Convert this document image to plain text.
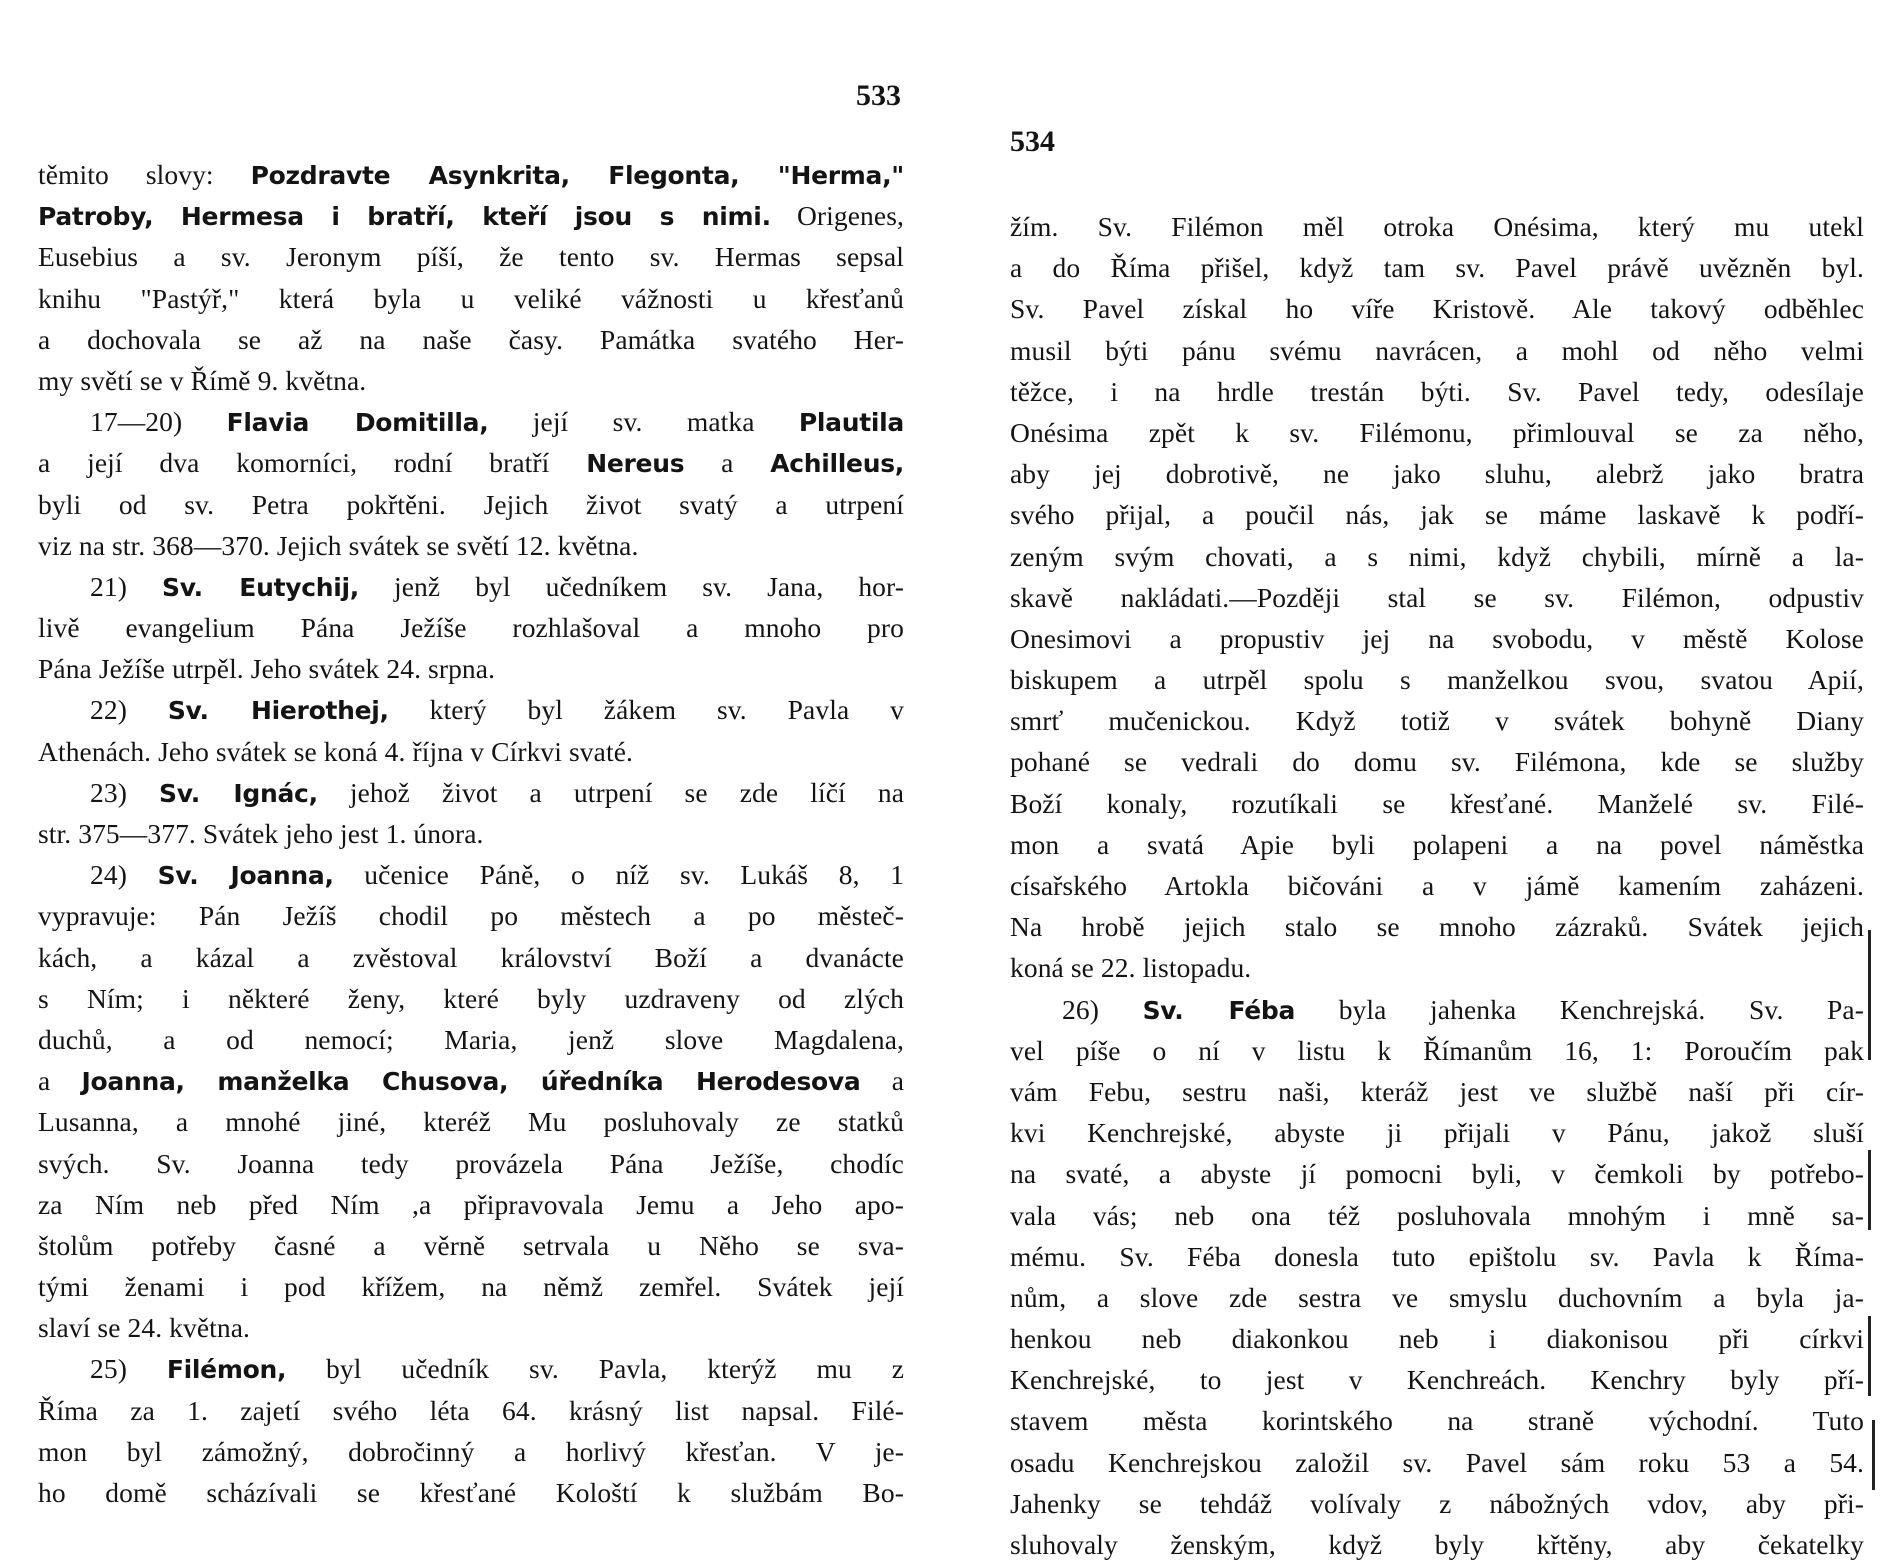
533
těmito slovy: Pozdravte Asynkrita, Flegonta, "Herma,"
Patroby, Hermesa i bratří, kteří jsou s nimi. Origenes,
Eusebius a sv. Jeronym píší, že tento sv. Hermas sepsal
knihu "Pastýř," která byla u veliké vážnosti u křesťanů
a dochovala se až na naše časy. Památka svatého Her-
my světí se v Římě 9. května.
17—20) Flavia Domitilla, její sv. matka Plautila
a její dva komorníci, rodní bratří Nereus a Achilleus,
byli od sv. Petra pokřtěni. Jejich život svatý a utrpení
viz na str. 368—370. Jejich svátek se světí 12. května.
21) Sv. Eutychij, jenž byl učedníkem sv. Jana, hor-
livě evangelium Pána Ježíše rozhlašoval a mnoho pro
Pána Ježíše utrpěl. Jeho svátek 24. srpna.
22) Sv. Hierothej, který byl žákem sv. Pavla v
Athenách. Jeho svátek se koná 4. října v Církvi svaté.
23) Sv. Ignác, jehož život a utrpení se zde líčí na
str. 375—377. Svátek jeho jest 1. února.
24) Sv. Joanna, učenice Páně, o níž sv. Lukáš 8, 1
vypravuje: Pán Ježíš chodil po městech a po městeč-
kách, a kázal a zvěstoval království Boží a dvanácte
s Ním; i některé ženy, které byly uzdraveny od zlých
duchů, a od nemocí; Maria, jenž slove Magdalena,
a Joanna, manželka Chusova, úředníka Herodesova a
Lusanna, a mnohé jiné, kteréž Mu posluhovaly ze statků
svých. Sv. Joanna tedy provázela Pána Ježíše, chodíc
za Ním neb před Ním ,a připravovala Jemu a Jeho apo-
štolům potřeby časné a věrně setrvala u Něho se sva-
tými ženami i pod křížem, na němž zemřel. Svátek její
slaví se 24. května.
25) Filémon, byl učedník sv. Pavla, kterýž mu z
Říma za 1. zajetí svého léta 64. krásný list napsal. Filé-
mon byl zámožný, dobročinný a horlivý křesťan. V je-
ho domě scházívali se křesťané Koloští k službám Bo-
534
žím. Sv. Filémon měl otroka Onésima, který mu utekl
a do Říma přišel, když tam sv. Pavel právě uvězněn byl.
Sv. Pavel získal ho víře Kristově. Ale takový odběhlec
musil býti pánu svému navrácen, a mohl od něho velmi
těžce, i na hrdle trestán býti. Sv. Pavel tedy, odesílaje
Onésima zpět k sv. Filémonu, přimlouval se za něho,
aby jej dobrotivě, ne jako sluhu, alebrž jako bratra
svého přijal, a poučil nás, jak se máme laskavě k podří-
zeným svým chovati, a s nimi, když chybili, mírně a la-
skavě nakládati.—Později stal se sv. Filémon, odpustiv
Onesimovi a propustiv jej na svobodu, v městě Kolose
biskupem a utrpěl spolu s manželkou svou, svatou Apií,
smrť mučenickou. Když totiž v svátek bohyně Diany
pohané se vedrali do domu sv. Filémona, kde se služby
Boží konaly, rozutíkali se křesťané. Manželé sv. Filé-
mon a svatá Apie byli polapeni a na povel náměstka
císařského Artokla bičováni a v jámě kamením zaházeni.
Na hrobě jejich stalo se mnoho zázraků. Svátek jejich
koná se 22. listopadu.
26) Sv. Féba byla jahenka Kenchrejská. Sv. Pa-
vel píše o ní v listu k Římanům 16, 1: Poroučím pak
vám Febu, sestru naši, kteráž jest ve službě naší při cír-
kvi Kenchrejské, abyste ji přijali v Pánu, jakož sluší
na svaté, a abyste jí pomocni byli, v čemkoli by potřebo-
vala vás; neb ona též posluhovala mnohým i mně sa-
mému. Sv. Féba donesla tuto epištolu sv. Pavla k Říma-
nům, a slove zde sestra ve smyslu duchovním a byla ja-
henkou neb diakonkou neb i diakonisou při církvi
Kenchrejské, to jest v Kenchreách. Kenchry byly pří-
stavem města korintského na straně východní. Tuto
osadu Kenchrejskou založil sv. Pavel sám roku 53 a 54.
Jahenky se tehdáž volívaly z nábožných vdov, aby při-
sluhovaly ženským, když byly křtěny, aby čekatelky
